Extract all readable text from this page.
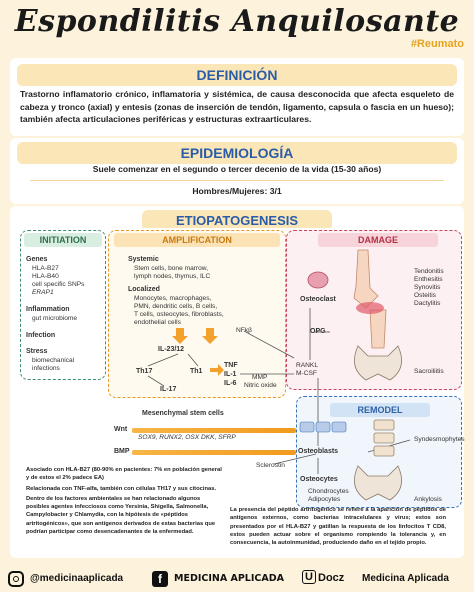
Espondilitis Anquilosante
#Reumato
DEFINICIÓN
Trastorno inflamatorio crónico, inflamatoria y sistémica, de causa desconocida que afecta esqueleto de cabeza y tronco (axial) y entesis (zonas de inserción de tendón, ligamento, capsula o fascia en un hueso); también afecta articulaciones periféricas y estructuras extraarticulares.
EPIDEMIOLOGÍA
Suele comenzar en el segundo o tercer decenio de la vida (15-30 años)
Hombres/Mujeres: 3/1
ETIOPATOGENESIS
INITIATION	AMPLIFICATION	DAMAGE
REMODEL
Genes
HLA-B27
HLA-B40
cell specific SNPs
ERAP1
Inflammation
gut microbiome
Infection
Stress
biomechanical
infections
Systemic
Stem cells, bone marrow,
lymph nodes, thymus, ILC
Localized
Monocytes, macrophages,
PMN, dendritic cells, B cells,
T cells, osteocytes, fibroblasts,
endothelial cells
NFkβ
IL-23/12
Th17	Th1
IL-17
TNF
IL-1
IL-6
MMP
Nitric oxide
Osteoclast
OPG
RANKL
M-CSF
Tendonitis
Enthesitis
Synovitis
Osteitis
Dactylitis
Sacroiliitis
Mesenchymal stem cells
Wnt
BMP
SOX9, RUNX2, OSX DKK, SFRP
Osteoblasts
Sclerostin
Syndesmophytes
Osteocytes
Chondrocytes
Adipocytes	Ankylosis

Asociado con HLA-B27 (80-90% en pacientes: 7% en población general y de estos el 2% padece EA)

Relacionada con TNF-alfa, también con células TH17 y sus citocinas.

Dentro de los factores ambientales se han relacionado algunos posibles agentes infecciosos como Yersinia, Shigella, Salmonella, Campylobacter y Chlamydia, con la hipótesis de «péptidos artritogénicos», que son antígenos derivados de estas bacterias que podrían participar como desencadenantes de la enfermedad.

La presencia del péptido artritogénico se refiere a la aparición de péptidos de antígenos externos, como bacterias intracelulares y virus; estos son presentados por el HLA-B27 y gatillan la respuesta de los linfocitos T CD8, estos pueden actuar sobre el organismo rompiendo la tolerancia y, en consecuencia, la autoinmunidad, produciendo daño en el tejido propio.
@medicinaaplicada	f	MEDICINA APLICADA U Docz Medicina Aplicada
